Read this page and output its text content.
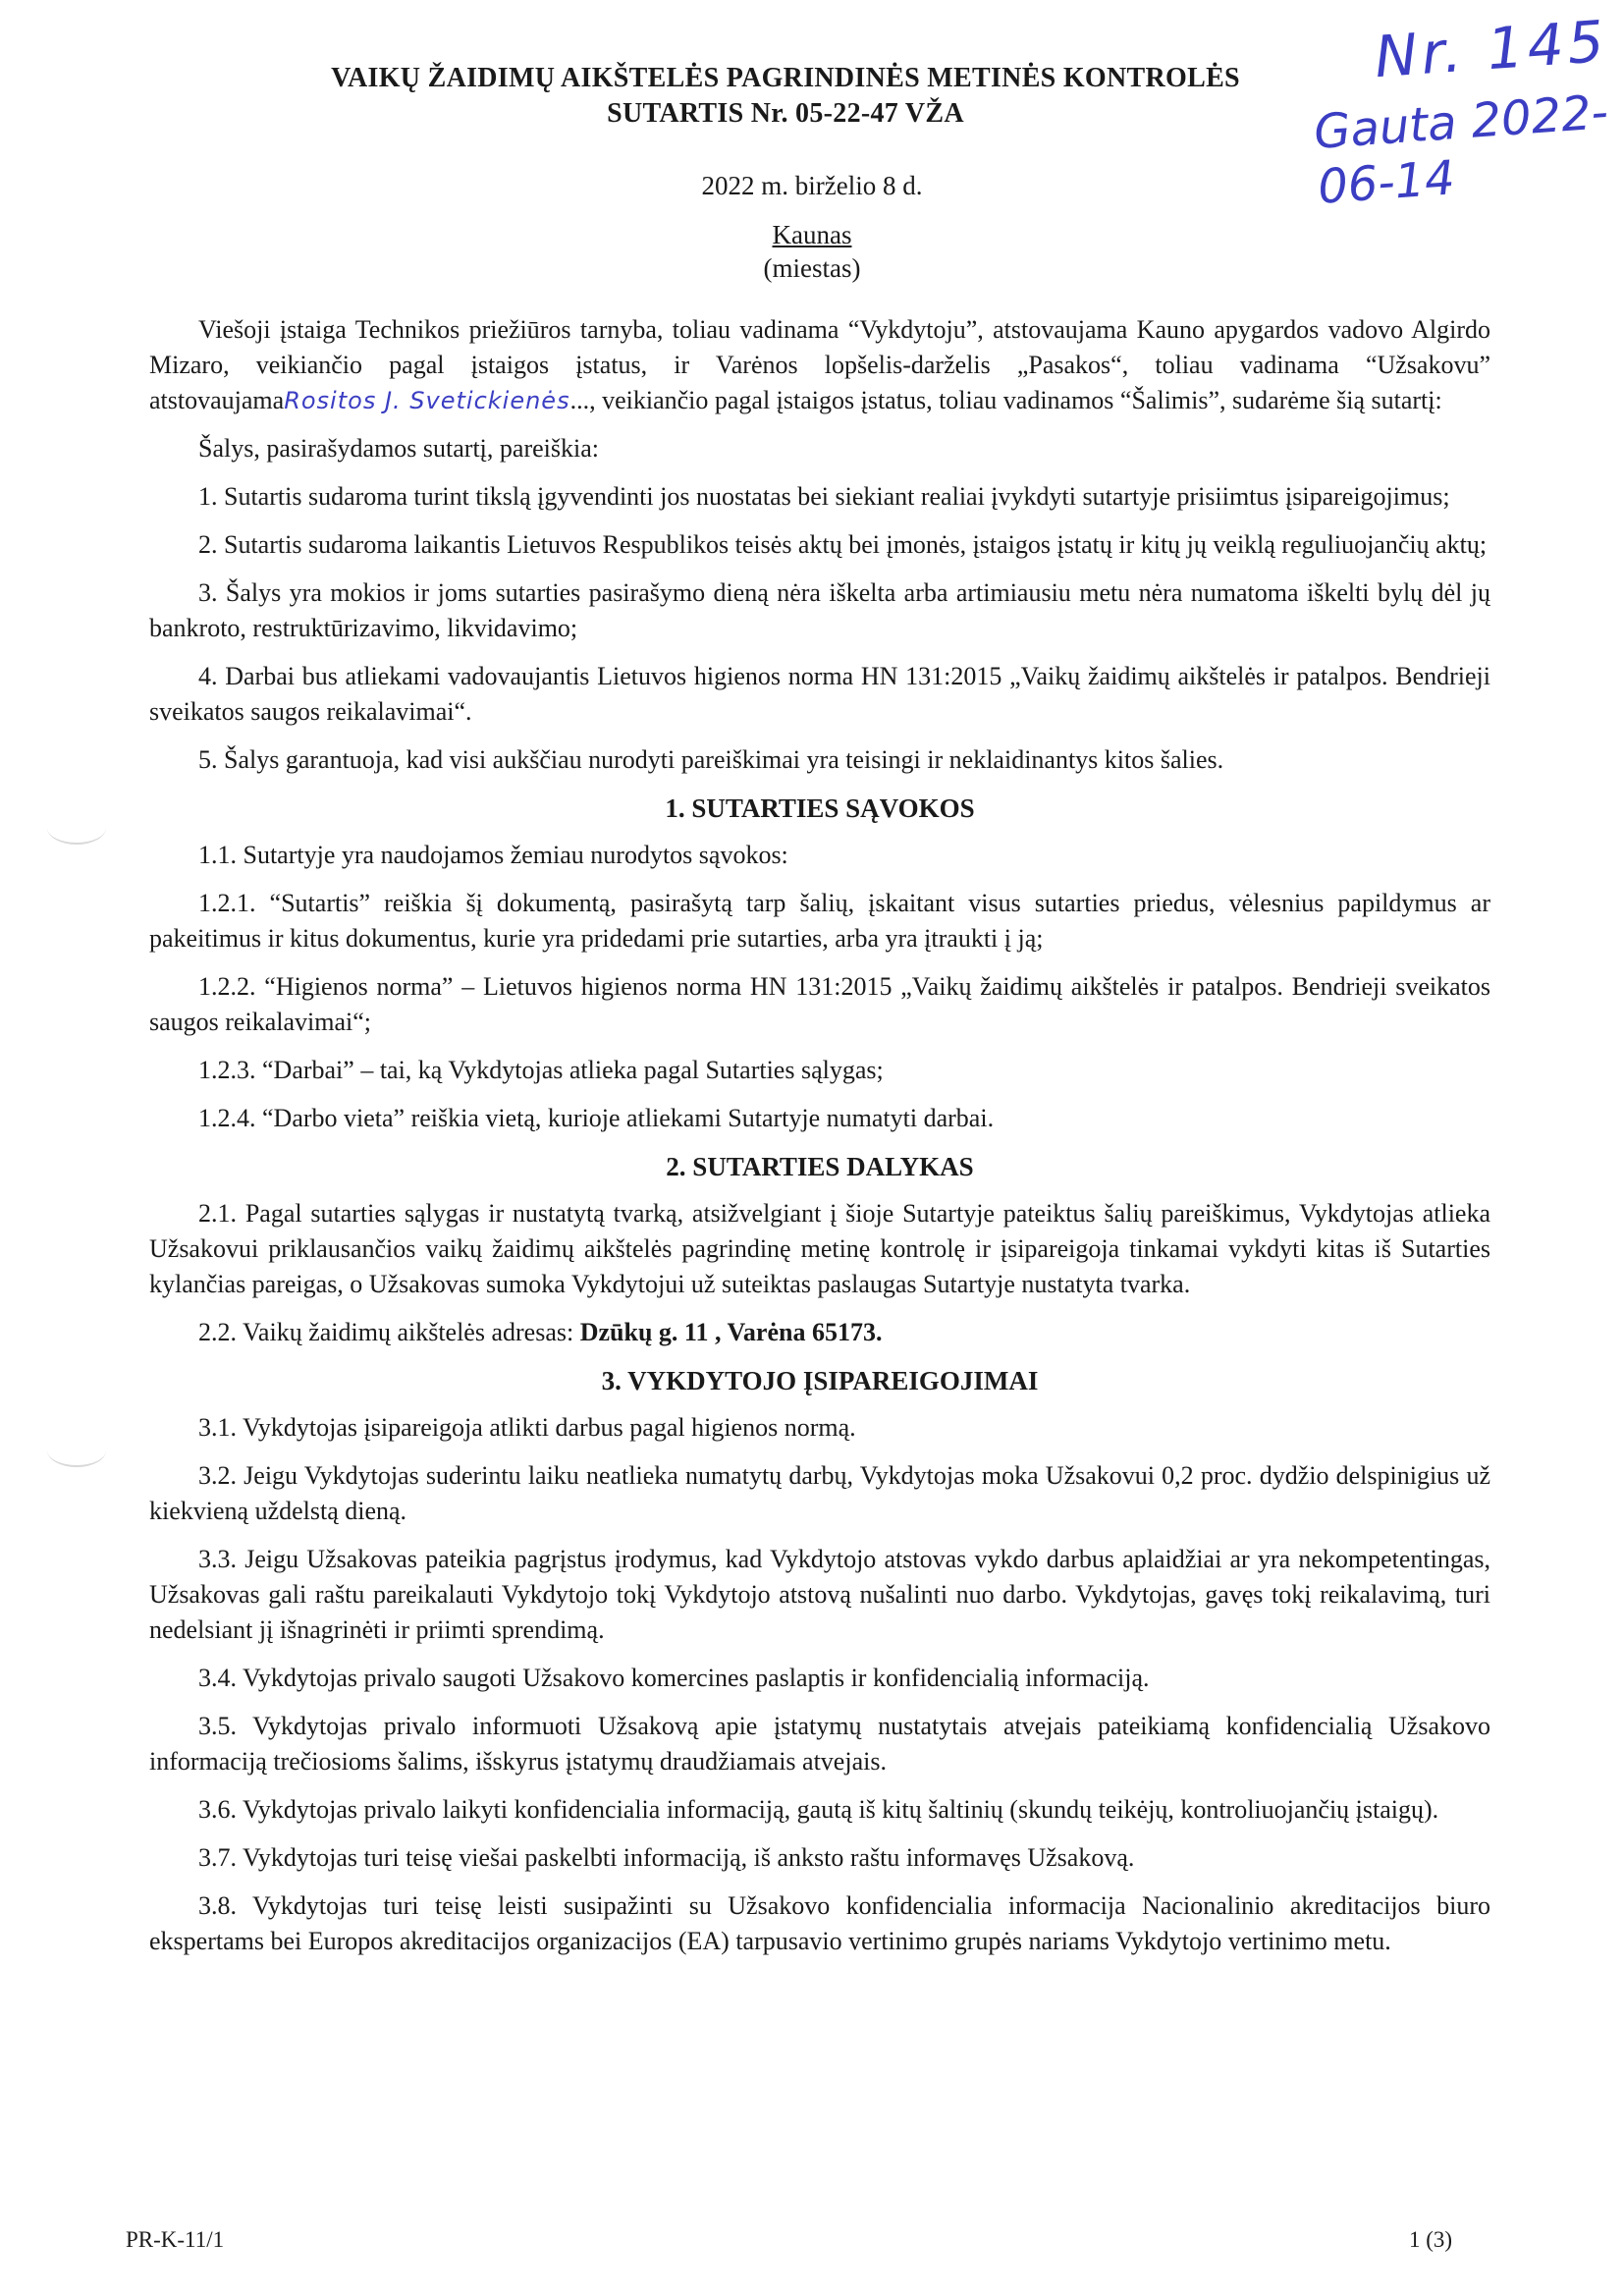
VAIKŲ ŽAIDIMŲ AIKŠTELĖS PAGRINDINĖS METINĖS KONTROLĖS
SUTARTIS Nr. 05-22-47 VŽA
Nr. 145
Gauta 2022-06-14
2022 m. birželio 8 d.
Kaunas
(miestas)

Viešoji įstaiga Technikos priežiūros tarnyba, toliau vadinama “Vykdytoju”, atstovaujama Kauno apygardos vadovo Algirdo Mizaro, veikiančio pagal įstaigos įstatus, ir Varėnos lopšelis-darželis „Pasakos“, toliau vadinama “Užsakovu” atstovaujamaRositos J. Svetickienės..., veikiančio pagal įstaigos įstatus, toliau vadinamos “Šalimis”, sudarėme šią sutartį:

Šalys, pasirašydamos sutartį, pareiškia:

1. Sutartis sudaroma turint tikslą įgyvendinti jos nuostatas bei siekiant realiai įvykdyti sutartyje prisiimtus įsipareigojimus;

2. Sutartis sudaroma laikantis Lietuvos Respublikos teisės aktų bei įmonės, įstaigos įstatų ir kitų jų veiklą reguliuojančių aktų;

3. Šalys yra mokios ir joms sutarties pasirašymo dieną nėra iškelta arba artimiausiu metu nėra numatoma iškelti bylų dėl jų bankroto, restruktūrizavimo, likvidavimo;

4. Darbai bus atliekami vadovaujantis Lietuvos higienos norma HN 131:2015 „Vaikų žaidimų aikštelės ir patalpos. Bendrieji sveikatos saugos reikalavimai“.

5. Šalys garantuoja, kad visi aukščiau nurodyti pareiškimai yra teisingi ir neklaidinantys kitos šalies.

1. SUTARTIES SĄVOKOS

1.1. Sutartyje yra naudojamos žemiau nurodytos sąvokos:

1.2.1. “Sutartis” reiškia šį dokumentą, pasirašytą tarp šalių, įskaitant visus sutarties priedus, vėlesnius papildymus ar pakeitimus ir kitus dokumentus, kurie yra pridedami prie sutarties, arba yra įtraukti į ją;

1.2.2. “Higienos norma” – Lietuvos higienos norma HN 131:2015 „Vaikų žaidimų aikštelės ir patalpos. Bendrieji sveikatos saugos reikalavimai“;

1.2.3. “Darbai” – tai, ką Vykdytojas atlieka pagal Sutarties sąlygas;

1.2.4. “Darbo vieta” reiškia vietą, kurioje atliekami Sutartyje numatyti darbai.

2. SUTARTIES DALYKAS

2.1. Pagal sutarties sąlygas ir nustatytą tvarką, atsižvelgiant į šioje Sutartyje pateiktus šalių pareiškimus, Vykdytojas atlieka Užsakovui priklausančios vaikų žaidimų aikštelės pagrindinę metinę kontrolę ir įsipareigoja tinkamai vykdyti kitas iš Sutarties kylančias pareigas, o Užsakovas sumoka Vykdytojui už suteiktas paslaugas Sutartyje nustatyta tvarka.

2.2. Vaikų žaidimų aikštelės adresas: Dzūkų g. 11 , Varėna 65173.

3. VYKDYTOJO ĮSIPAREIGOJIMAI

3.1. Vykdytojas įsipareigoja atlikti darbus pagal higienos normą.

3.2. Jeigu Vykdytojas suderintu laiku neatlieka numatytų darbų, Vykdytojas moka Užsakovui 0,2 proc. dydžio delspinigius už kiekvieną uždelstą dieną.

3.3. Jeigu Užsakovas pateikia pagrįstus įrodymus, kad Vykdytojo atstovas vykdo darbus aplaidžiai ar yra nekompetentingas, Užsakovas gali raštu pareikalauti Vykdytojo tokį Vykdytojo atstovą nušalinti nuo darbo. Vykdytojas, gavęs tokį reikalavimą, turi nedelsiant jį išnagrinėti ir priimti sprendimą.

3.4. Vykdytojas privalo saugoti Užsakovo komercines paslaptis ir konfidencialią informaciją.

3.5. Vykdytojas privalo informuoti Užsakovą apie įstatymų nustatytais atvejais pateikiamą konfidencialią Užsakovo informaciją trečiosioms šalims, išskyrus įstatymų draudžiamais atvejais.

3.6. Vykdytojas privalo laikyti konfidencialia informaciją, gautą iš kitų šaltinių (skundų teikėjų, kontroliuojančių įstaigų).

3.7. Vykdytojas turi teisę viešai paskelbti informaciją, iš anksto raštu informavęs Užsakovą.

3.8. Vykdytojas turi teisę leisti susipažinti su Užsakovo konfidencialia informacija Nacionalinio akreditacijos biuro ekspertams bei Europos akreditacijos organizacijos (EA) tarpusavio vertinimo grupės nariams Vykdytojo vertinimo metu.

PR-K-11/1	1 (3)
